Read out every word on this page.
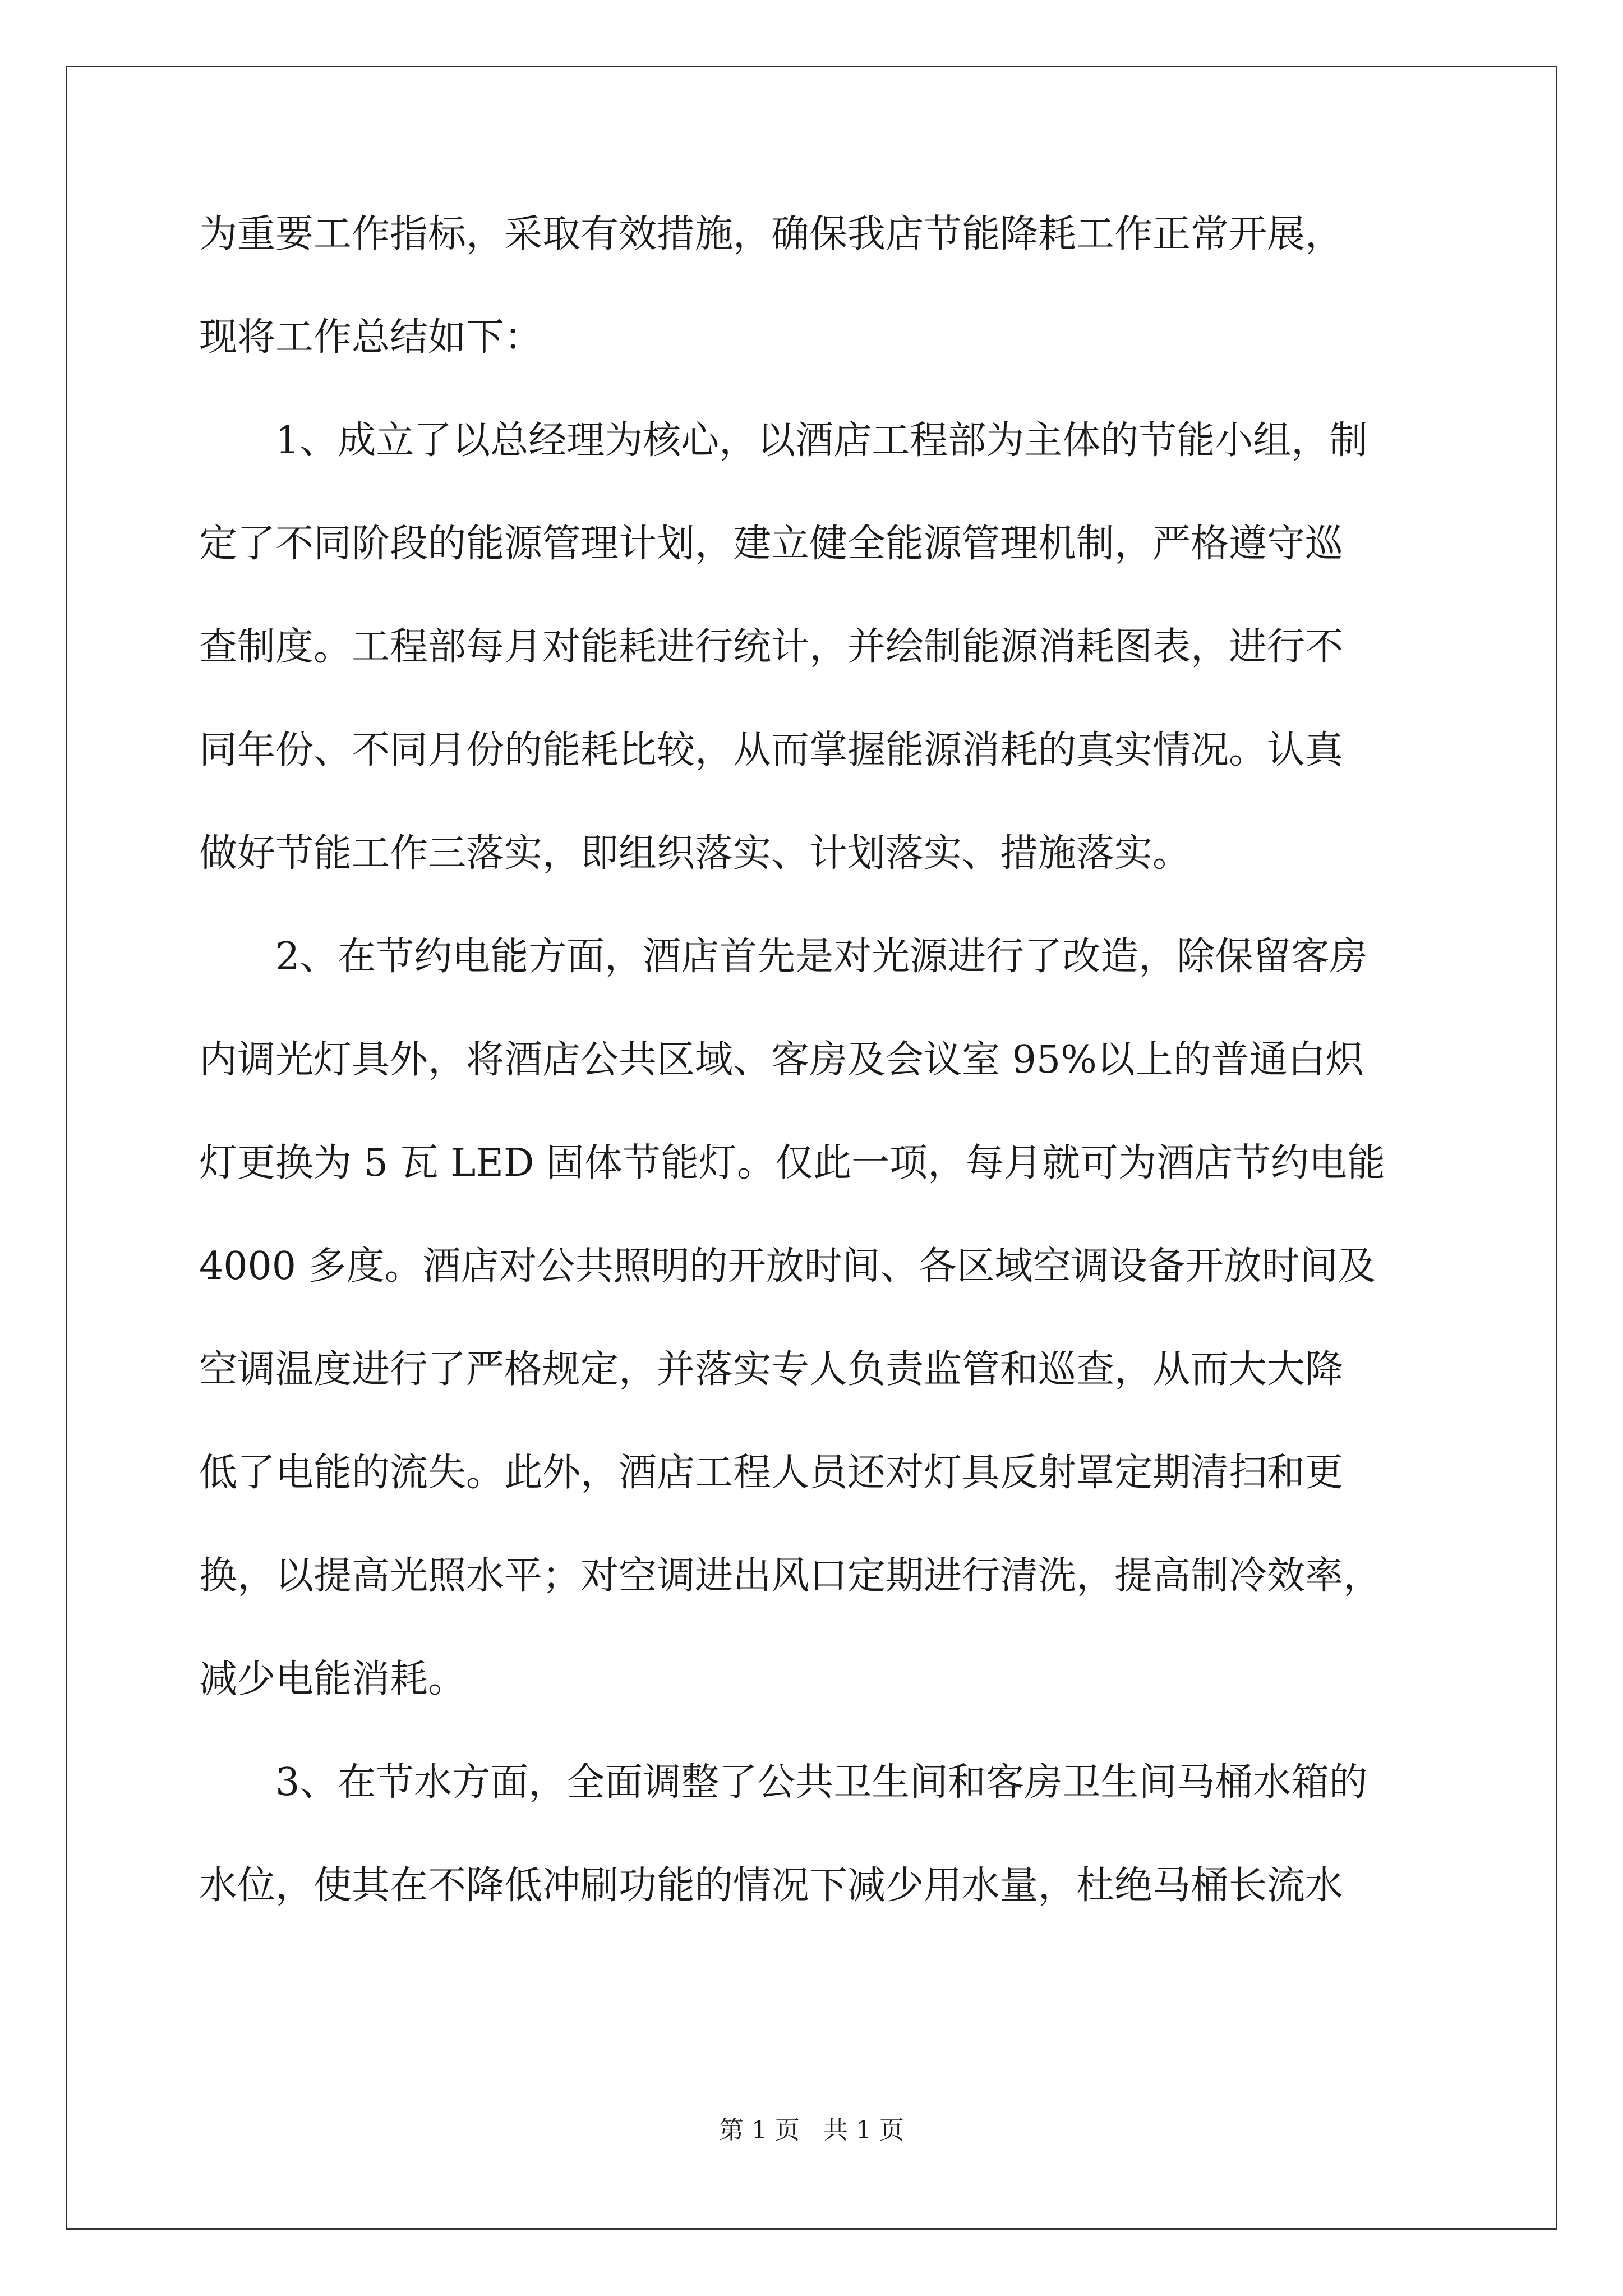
为重要工作指标，采取有效措施，确保我店节能降耗工作正常开展，
现将工作总结如下：
1、成立了以总经理为核心，以酒店工程部为主体的节能小组，制
定了不同阶段的能源管理计划，建立健全能源管理机制，严格遵守巡
查制度。工程部每月对能耗进行统计，并绘制能源消耗图表，进行不
同年份、不同月份的能耗比较，从而掌握能源消耗的真实情况。认真
做好节能工作三落实，即组织落实、计划落实、措施落实。
2、在节约电能方面，酒店首先是对光源进行了改造，除保留客房
内调光灯具外，将酒店公共区域、客房及会议室 95%以上的普通白炽
灯更换为 5 瓦 LED 固体节能灯。仅此一项，每月就可为酒店节约电能
4000 多度。酒店对公共照明的开放时间、各区域空调设备开放时间及
空调温度进行了严格规定，并落实专人负责监管和巡查，从而大大降
低了电能的流失。此外，酒店工程人员还对灯具反射罩定期清扫和更
换，以提高光照水平；对空调进出风口定期进行清洗，提高制冷效率，
减少电能消耗。
3、在节水方面，全面调整了公共卫生间和客房卫生间马桶水箱的
水位，使其在不降低冲刷功能的情况下减少用水量，杜绝马桶长流水
第 1 页   共 1 页
